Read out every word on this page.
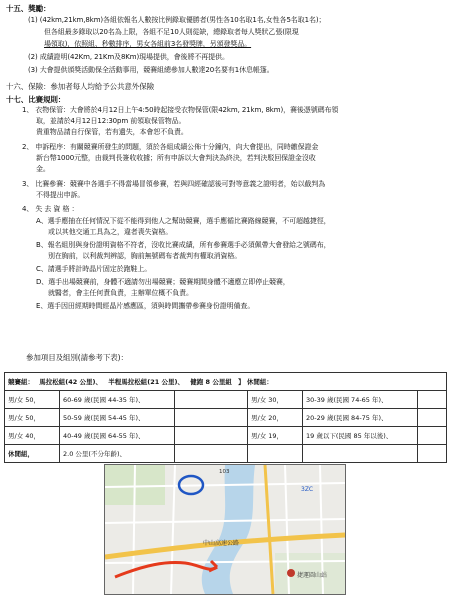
十五、獎勵：
(1) (42km,21km,8km)各組依報名人數按比例錄取優勝者(男性各10名取1名,女性各5名取1名)；
但各組最多錄取以20名為上限，各組不足10人則從缺，總錄取者每人獎狀乙張(限現
場領取)，依照組、秒數排序，男女各組前3名發獎牌，另頒發獎品。
(2) 成績證明(42Km, 21Km及8Km)現場提供，會後將不再提供。
(3) 大會提供頒獎活動保全活動事用，競賽組總參加人數達20名要有1休息帳篷。
十六、保險：參加者每人均給予公共意外保險
十七、比賽規則：
1、 衣物保管：大會將於4月12日上午4:50時起接受衣物保管(限42km, 21km, 8km)，賽後憑號碼布領
取，並請於4月12日12:30pm 前領取保管物品。
貴重物品請自行保管，若有遺失，本會恕不負責。
2、 申訴程序：有關競賽所發生的問題，須於各組成績公佈十分鐘內，向大會提出，同時繳保證金
新台幣1000元整，由裁判長簽收收據；所有申訴以大會判決為終決，若判決駁回保證金沒收
金。
3、 比賽參賽：競賽中各選手不得當場冒領參賽，若與四經確認後可對等意義之證明者，始以截判為
不得提出申訴。
4、 失 去 資 格 ：
A、選手應抽在任何情況下從不能得到他人之幫助競賽，選手應循比賽路線競賽，不可超越捷徑，
或以其他交通工具為之，違者喪失資格。
B、報名組別與身份證明資格不符者，沒收比賽成績，所有參賽選手必須佩帶大會發給之號碼布，
別在胸前，以利裁判辨認，胸前無號碼布者裁判有權取消資格。
C、請選手將計時晶片固定於跑鞋上。
D、選手出場競賽前，身體不適請勿出場競賽；競賽期間身體不適應立即停止競賽，
就醫者，會主任何責負責，主辦單位概不負責。
E、選手因田經期時間經晶片感應區，須與時間攜帶參賽身份證明備查。
參加項目及組別(請參考下表)：
競賽組： 馬拉松組(42 公里)、 半程馬拉松組(21 公里)、 健跑 8 公里組 】 休閒組：					
男/女 50，	60-69 歲(民國 44-35 年)、		男/女 30，	30-39 歲(民國 74-65 年)、	
男/女 50，	50-59 歲(民國 54-45 年)、		男/女 20，	20-29 歲(民國 84-75 年)、	
男/女 40，	40-49 歲(民國 64-55 年)、		男/女 19，	19 歲以下(民國 85 年以後)、	
休閒組，	2.0 公里(不分年齡)、				
中山高速公路
捷運圓山站
103
3ZC
